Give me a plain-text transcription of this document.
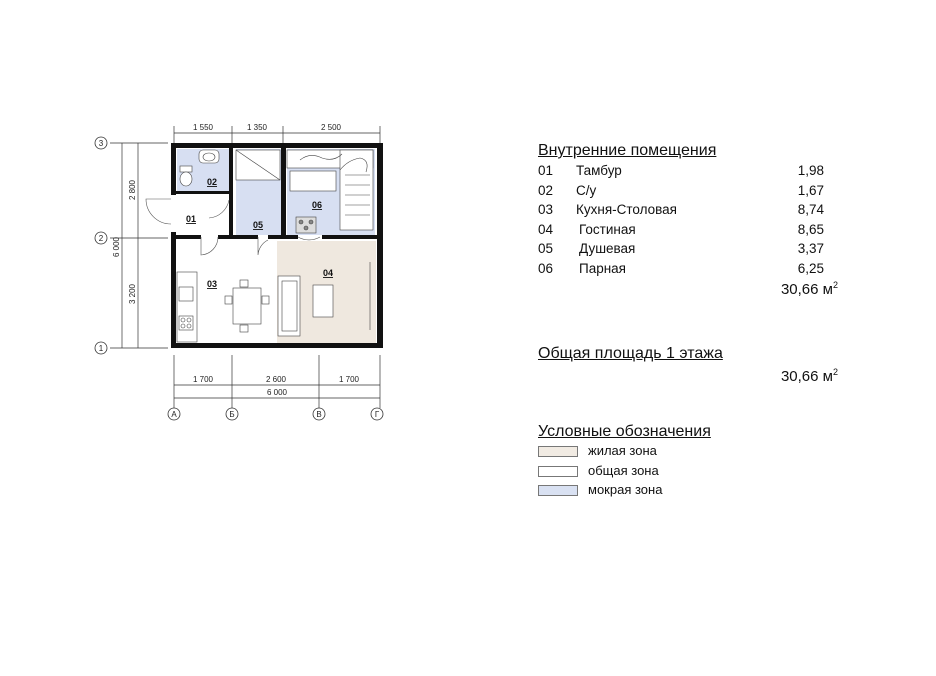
1 550	1 350	2 500
2 800
3 200
6 000
3
2
1
1 700	2 600	1 700
6 000
А	Б	В	Г
01
02
03
04
05
06
Внутренние помещения
01 Тамбур	1,98
02 С/у	1,67
03 Кухня-Столовая	8,74
04 Гостиная	8,65
05 Душевая	3,37
06 Парная	6,25
30,66 $м^2$
Общая площадь 1 этажа
30,66 $м^2$
Условные обозначения
жилая зона
общая зона
мокрая зона
